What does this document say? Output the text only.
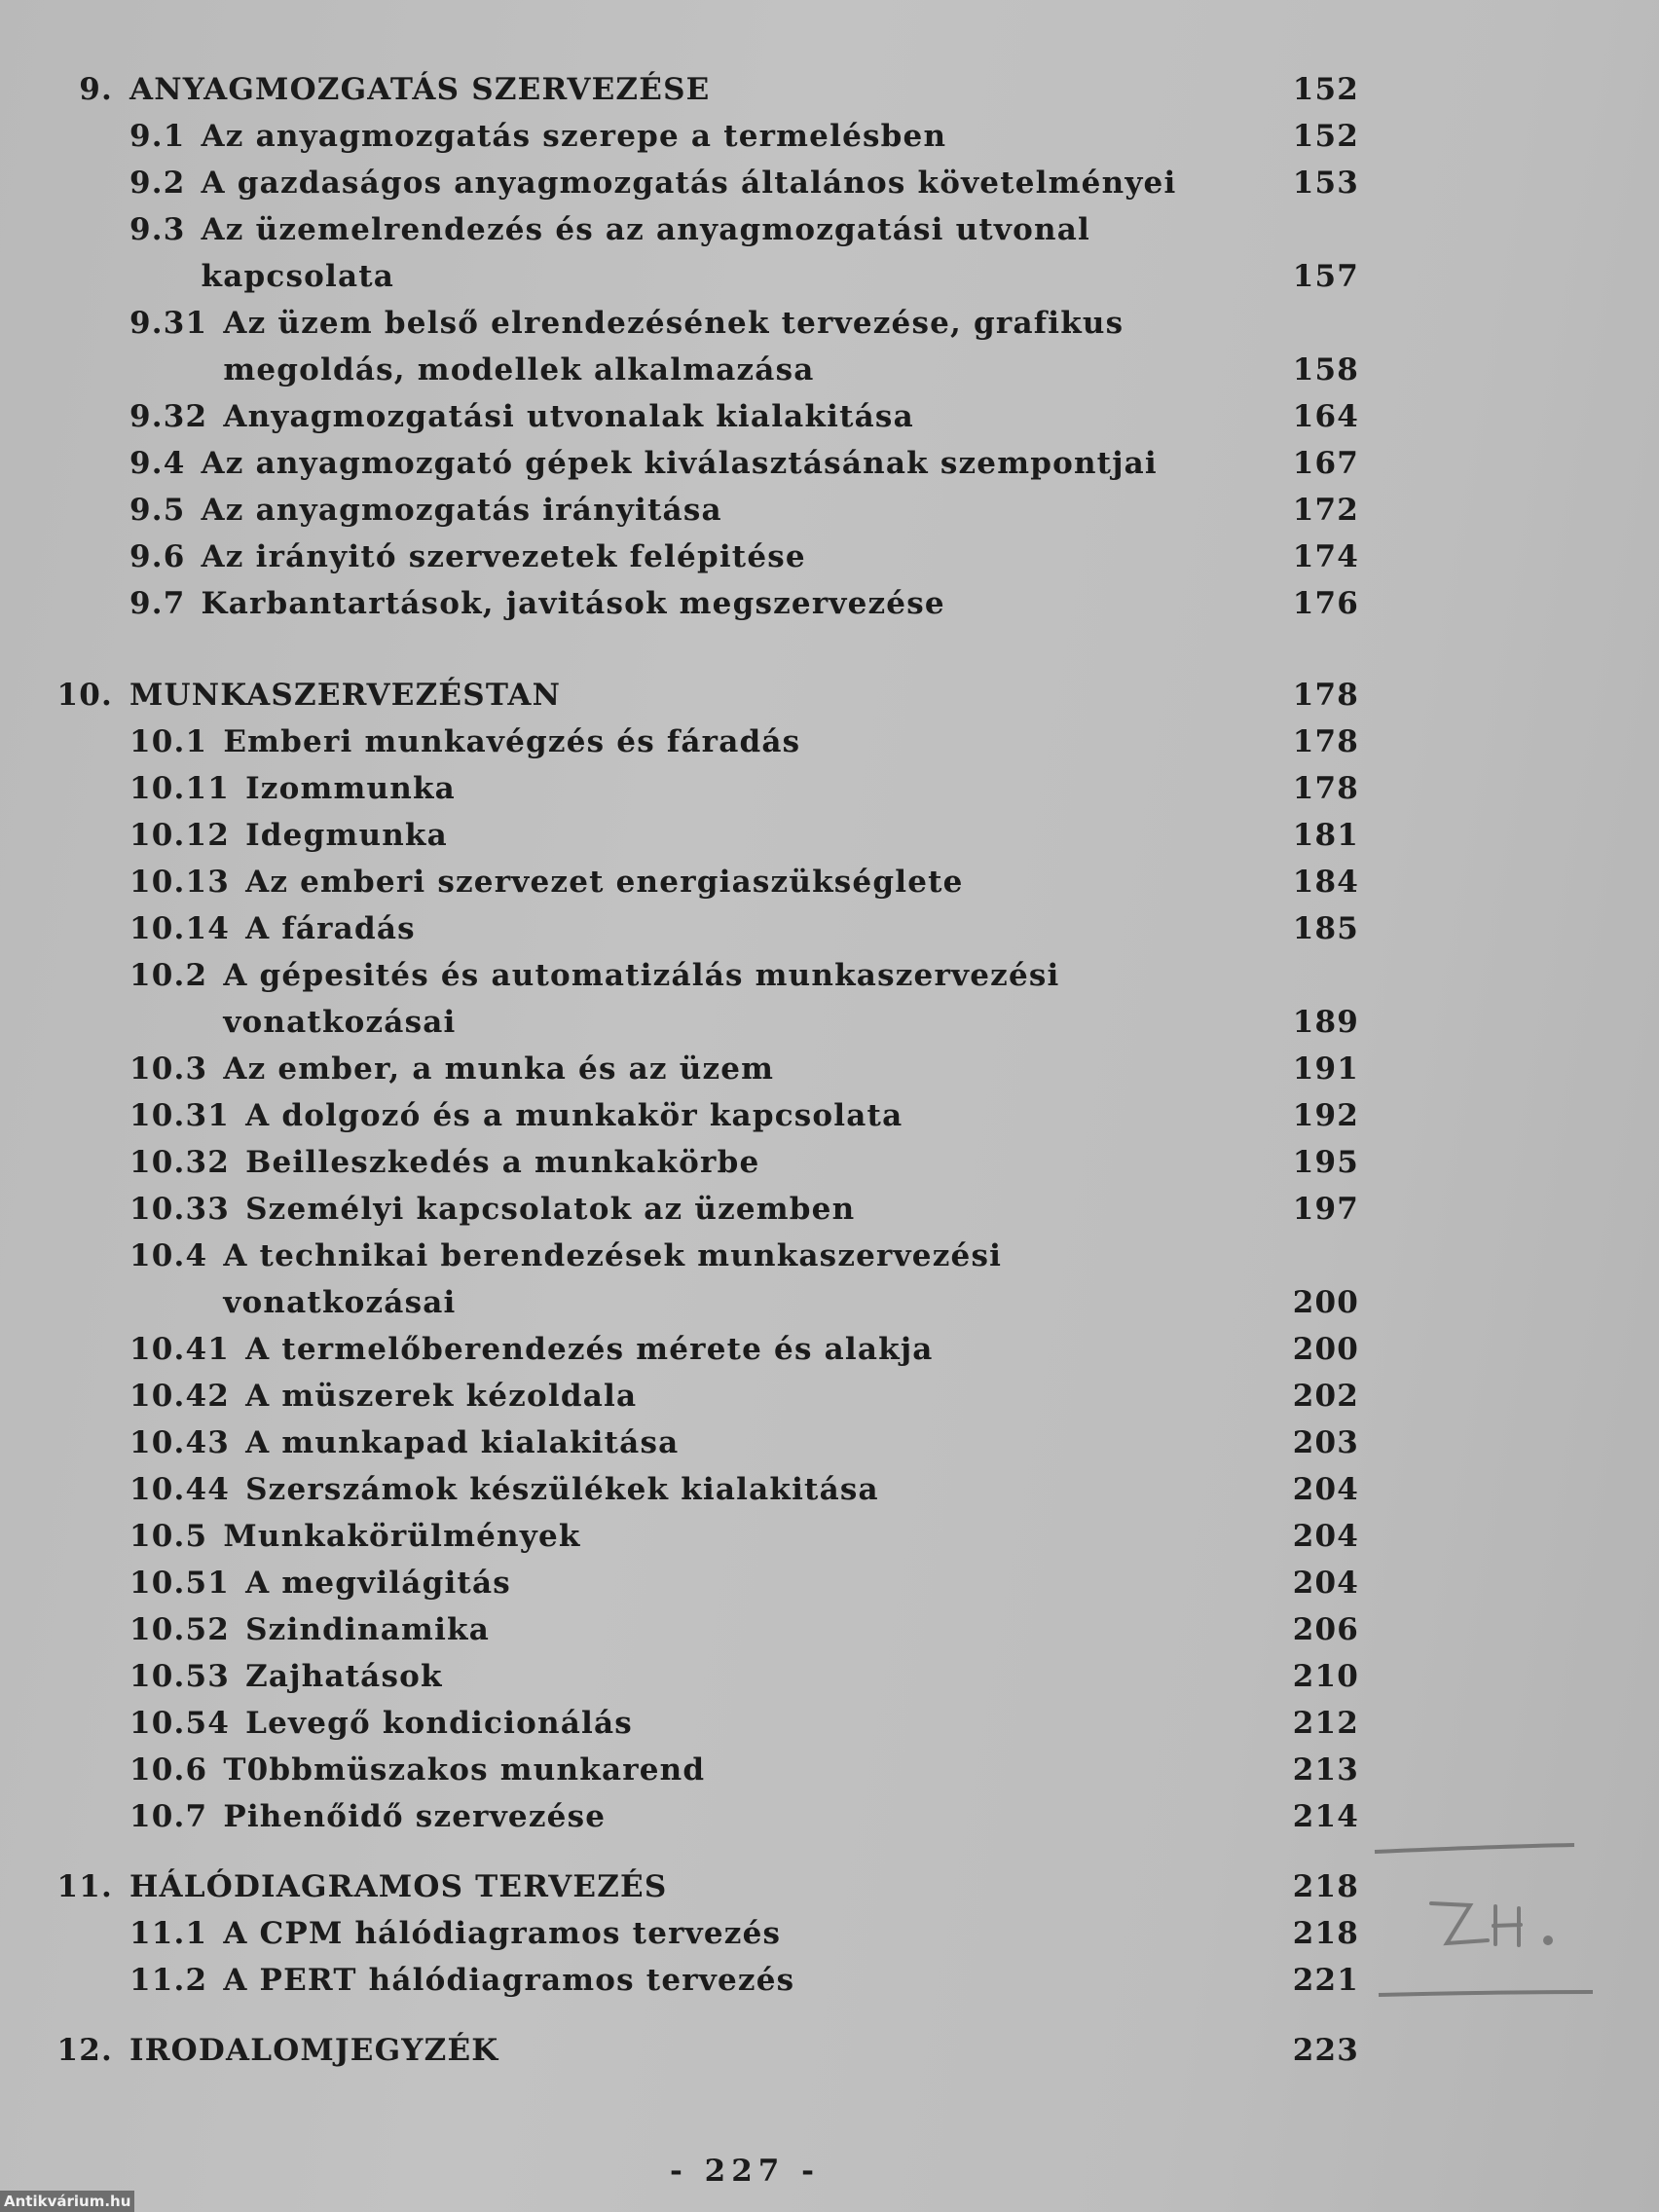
9. ANYAGMOZGATÁS SZERVEZÉSE	152
9.1 Az anyagmozgatás szerepe a termelésben	152
9.2 A gazdaságos anyagmozgatás általános követelményei	153
9.3 Az üzemelrendezés és az anyagmozgatási utvonal
kapcsolata	157
9.31 Az üzem belső elrendezésének tervezése, grafikus
megoldás, modellek alkalmazása	158
9.32 Anyagmozgatási utvonalak kialakitása	164
9.4 Az anyagmozgató gépek kiválasztásának szempontjai	167
9.5 Az anyagmozgatás irányitása	172
9.6 Az irányitó szervezetek felépitése	174
9.7 Karbantartások, javitások megszervezése	176
10. MUNKASZERVEZÉSTAN	178
10.1 Emberi munkavégzés és fáradás	178
10.11 Izommunka	178
10.12 Idegmunka	181
10.13 Az emberi szervezet energiaszükséglete	184
10.14 A fáradás	185
10.2 A gépesités és automatizálás munkaszervezési
vonatkozásai	189
10.3 Az ember, a munka és az üzem	191
10.31 A dolgozó és a munkakör kapcsolata	192
10.32 Beilleszkedés a munkakörbe	195
10.33 Személyi kapcsolatok az üzemben	197
10.4 A technikai berendezések munkaszervezési
vonatkozásai	200
10.41 A termelőberendezés mérete és alakja	200
10.42 A müszerek kézoldala	202
10.43 A munkapad kialakitása	203
10.44 Szerszámok készülékek kialakitása	204
10.5 Munkakörülmények	204
10.51 A megvilágitás	204
10.52 Szindinamika	206
10.53 Zajhatások	210
10.54 Levegő kondicionálás	212
10.6 T0bbmüszakos munkarend	213
10.7 Pihenőidő szervezése	214
11. HÁLÓDIAGRAMOS TERVEZÉS	218
11.1 A CPM hálódiagramos tervezés	218
11.2 A PERT hálódiagramos tervezés	221
12. IRODALOMJEGYZÉK	223
- 227 -
Antikvárium.hu
